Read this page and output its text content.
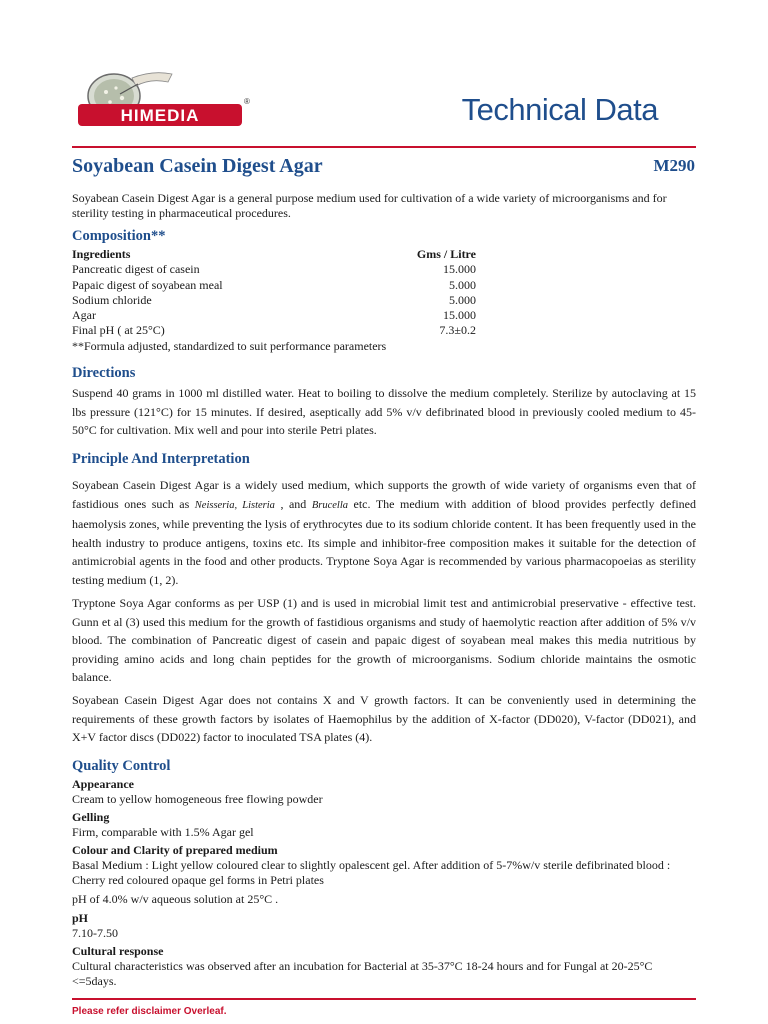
HIMEDIA
®	Technical Data
Soyabean Casein Digest Agar	M290
Soyabean Casein Digest Agar is a general purpose medium used for cultivation of a wide variety of microorganisms and for sterility testing in pharmaceutical procedures.
Composition**
Ingredients	Gms / Litre
Pancreatic digest of casein	15.000
Papaic digest of soyabean meal	5.000
Sodium chloride	5.000
Agar	15.000
Final pH ( at 25°C)	7.3±0.2
**Formula adjusted, standardized to suit performance parameters
Directions
Suspend 40 grams in 1000 ml distilled water. Heat to boiling to dissolve the medium completely. Sterilize by autoclaving at 15 lbs pressure (121°C) for 15 minutes. If desired, aseptically add 5% v/v defibrinated blood in previously cooled medium to 45-50°C for cultivation. Mix well and pour into sterile Petri plates.
Principle And Interpretation
Soyabean Casein Digest Agar is a widely used medium, which supports the growth of wide variety of organisms even that of fastidious ones such as Neisseria, Listeria , and Brucella etc. The medium with addition of blood provides perfectly defined haemolysis zones, while preventing the lysis of erythrocytes due to its sodium chloride content. It has been frequently used in the health industry to produce antigens, toxins etc. Its simple and inhibitor-free composition makes it suitable for the detection of antimicrobial agents in the food and other products. Tryptone Soya Agar is recommended by various pharmacopoeias as sterility testing medium (1, 2).
Tryptone Soya Agar conforms as per USP (1) and is used in microbial limit test and antimicrobial preservative - effective test. Gunn et al (3) used this medium for the growth of fastidious organisms and study of haemolytic reaction after addition of 5% v/v blood. The combination of Pancreatic digest of casein and papaic digest of soyabean meal makes this media nutritious by providing amino acids and long chain peptides for the growth of microorganisms. Sodium chloride maintains the osmotic balance.
Soyabean Casein Digest Agar does not contains X and V growth factors. It can be conveniently used in determining the requirements of these growth factors by isolates of Haemophilus by the addition of X-factor (DD020), V-factor (DD021), and X+V factor discs (DD022) factor to inoculated TSA plates (4).
Quality Control
Appearance
Cream to yellow homogeneous free flowing powder
Gelling
Firm, comparable with 1.5% Agar gel
Colour and Clarity of prepared medium
Basal Medium : Light yellow coloured clear to slightly opalescent gel. After addition of 5-7%w/v sterile defibrinated blood : Cherry red coloured opaque gel forms in Petri plates
pH of 4.0% w/v aqueous solution at 25°C .
pH
7.10-7.50
Cultural response
Cultural characteristics was observed after an incubation for Bacterial at 35-37°C 18-24 hours and for Fungal at 20-25°C <=5days.
Please refer disclaimer Overleaf.
